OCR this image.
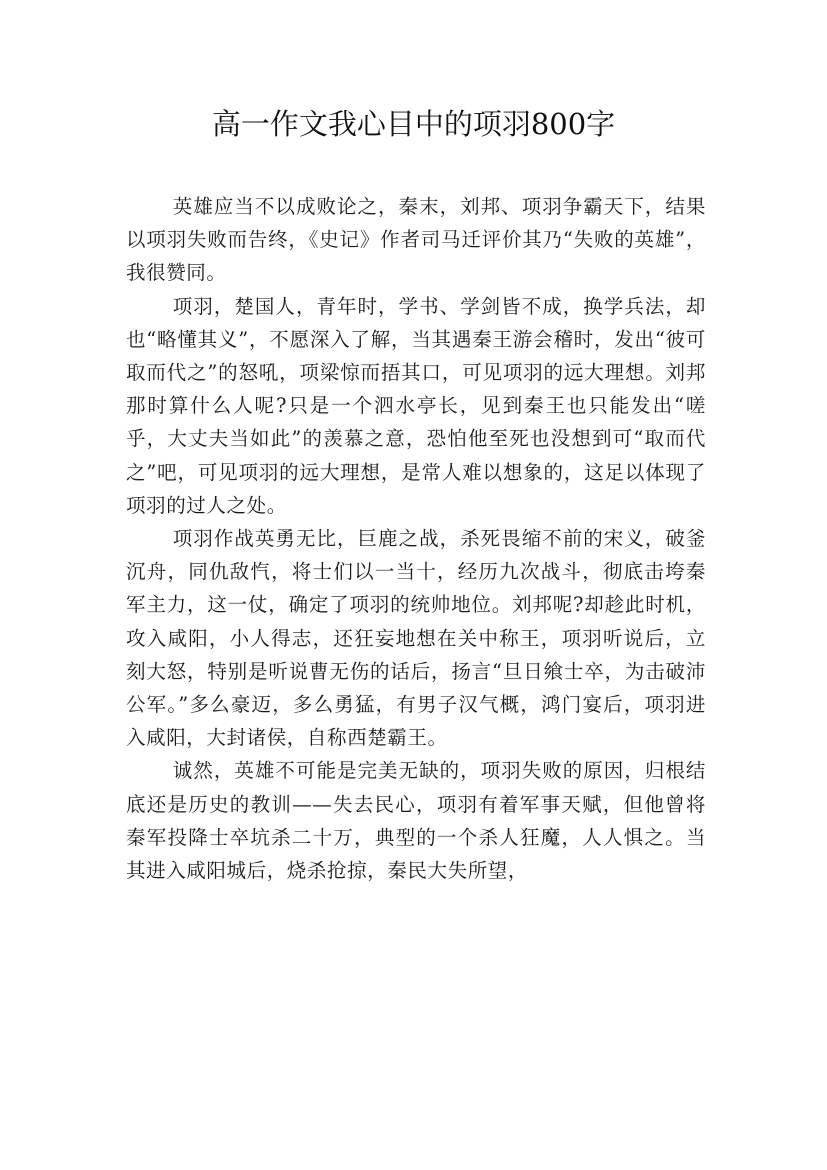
高一作文我心目中的项羽800字

英雄应当不以成败论之，秦末，刘邦、项羽争霸天下，结果以项羽失败而告终，《史记》作者司马迁评价其乃“失败的英雄”，我很赞同。

项羽，楚国人，青年时，学书、学剑皆不成，换学兵法，却也“略懂其义”，不愿深入了解，当其遇秦王游会稽时，发出“彼可取而代之”的怒吼，项梁惊而捂其口，可见项羽的远大理想。刘邦那时算什么人呢?只是一个泗水亭长，见到秦王也只能发出“嗟乎，大丈夫当如此”的羡慕之意，恐怕他至死也没想到可“取而代之”吧，可见项羽的远大理想，是常人难以想象的，这足以体现了项羽的过人之处。

项羽作战英勇无比，巨鹿之战，杀死畏缩不前的宋义，破釜沉舟，同仇敌忾，将士们以一当十，经历九次战斗，彻底击垮秦军主力，这一仗，确定了项羽的统帅地位。刘邦呢?却趁此时机，攻入咸阳，小人得志，还狂妄地想在关中称王，项羽听说后，立刻大怒，特别是听说曹无伤的话后，扬言“旦日飨士卒，为击破沛公军。”多么豪迈，多么勇猛，有男子汉气概，鸿门宴后，项羽进入咸阳，大封诸侯，自称西楚霸王。

诚然，英雄不可能是完美无缺的，项羽失败的原因，归根结底还是历史的教训——失去民心，项羽有着军事天赋，但他曾将秦军投降士卒坑杀二十万，典型的一个杀人狂魔，人人惧之。当其进入咸阳城后，烧杀抢掠，秦民大失所望，
